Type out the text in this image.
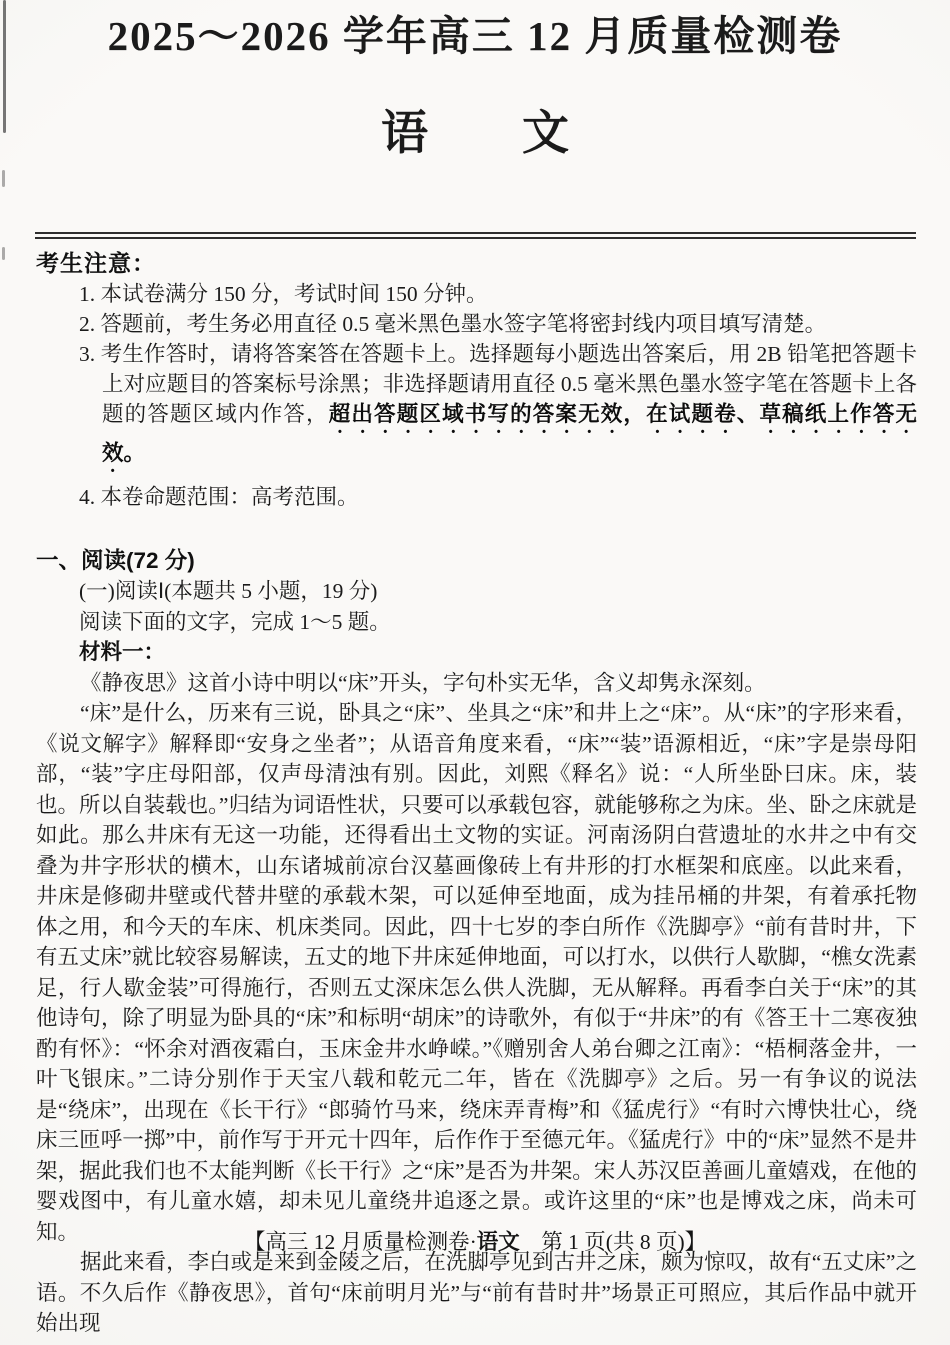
2025～2026 学年高三 12 月质量检测卷
语　　文
考生注意：
1. 本试卷满分 150 分，考试时间 150 分钟。
2. 答题前，考生务必用直径 0.5 毫米黑色墨水签字笔将密封线内项目填写清楚。
3. 考生作答时，请将答案答在答题卡上。选择题每小题选出答案后，用 2B 铅笔把答题卡上对应题目的答案标号涂黑；非选择题请用直径 0.5 毫米黑色墨水签字笔在答题卡上各题的答题区域内作答，超出答题区域书写的答案无效，在试题卷、草稿纸上作答无效。
4. 本卷命题范围：高考范围。
一、阅读(72 分)
(一)阅读Ⅰ(本题共 5 小题，19 分)
阅读下面的文字，完成 1～5 题。
材料一：

《静夜思》这首小诗中明以“床”开头，字句朴实无华，含义却隽永深刻。

“床”是什么，历来有三说，卧具之“床”、坐具之“床”和井上之“床”。从“床”的字形来看，《说文解字》解释即“安身之坐者”；从语音角度来看，“床”“装”语源相近，“床”字是崇母阳部，“装”字庄母阳部，仅声母清浊有别。因此，刘熙《释名》说：“人所坐卧曰床。床，装也。所以自装载也。”归结为词语性状，只要可以承载包容，就能够称之为床。坐、卧之床就是如此。那么井床有无这一功能，还得看出土文物的实证。河南汤阴白营遗址的水井之中有交叠为井字形状的横木，山东诸城前凉台汉墓画像砖上有井形的打水框架和底座。以此来看，井床是修砌井壁或代替井壁的承载木架，可以延伸至地面，成为挂吊桶的井架，有着承托物体之用，和今天的车床、机床类同。因此，四十七岁的李白所作《洗脚亭》“前有昔时井，下有五丈床”就比较容易解读，五丈的地下井床延伸地面，可以打水，以供行人歇脚，“樵女洗素足，行人歇金装”可得施行，否则五丈深床怎么供人洗脚，无从解释。再看李白关于“床”的其他诗句，除了明显为卧具的“床”和标明“胡床”的诗歌外，有似于“井床”的有《答王十二寒夜独酌有怀》：“怀余对酒夜霜白，玉床金井水峥嵘。”《赠别舍人弟台卿之江南》：“梧桐落金井，一叶飞银床。”二诗分别作于天宝八载和乾元二年，皆在《洗脚亭》之后。另一有争议的说法是“绕床”，出现在《长干行》“郎骑竹马来，绕床弄青梅”和《猛虎行》“有时六博快壮心，绕床三匝呼一掷”中，前作写于开元十四年，后作作于至德元年。《猛虎行》中的“床”显然不是井架，据此我们也不太能判断《长干行》之“床”是否为井架。宋人苏汉臣善画儿童嬉戏，在他的婴戏图中，有儿童水嬉，却未见儿童绕井追逐之景。或许这里的“床”也是博戏之床，尚未可知。

据此来看，李白或是来到金陵之后，在洗脚亭见到古井之床，颇为惊叹，故有“五丈床”之语。不久后作《静夜思》，首句“床前明月光”与“前有昔时井”场景正可照应，其后作品中就开始出现

【高三 12 月质量检测卷·语文　第 1 页(共 8 页)】
